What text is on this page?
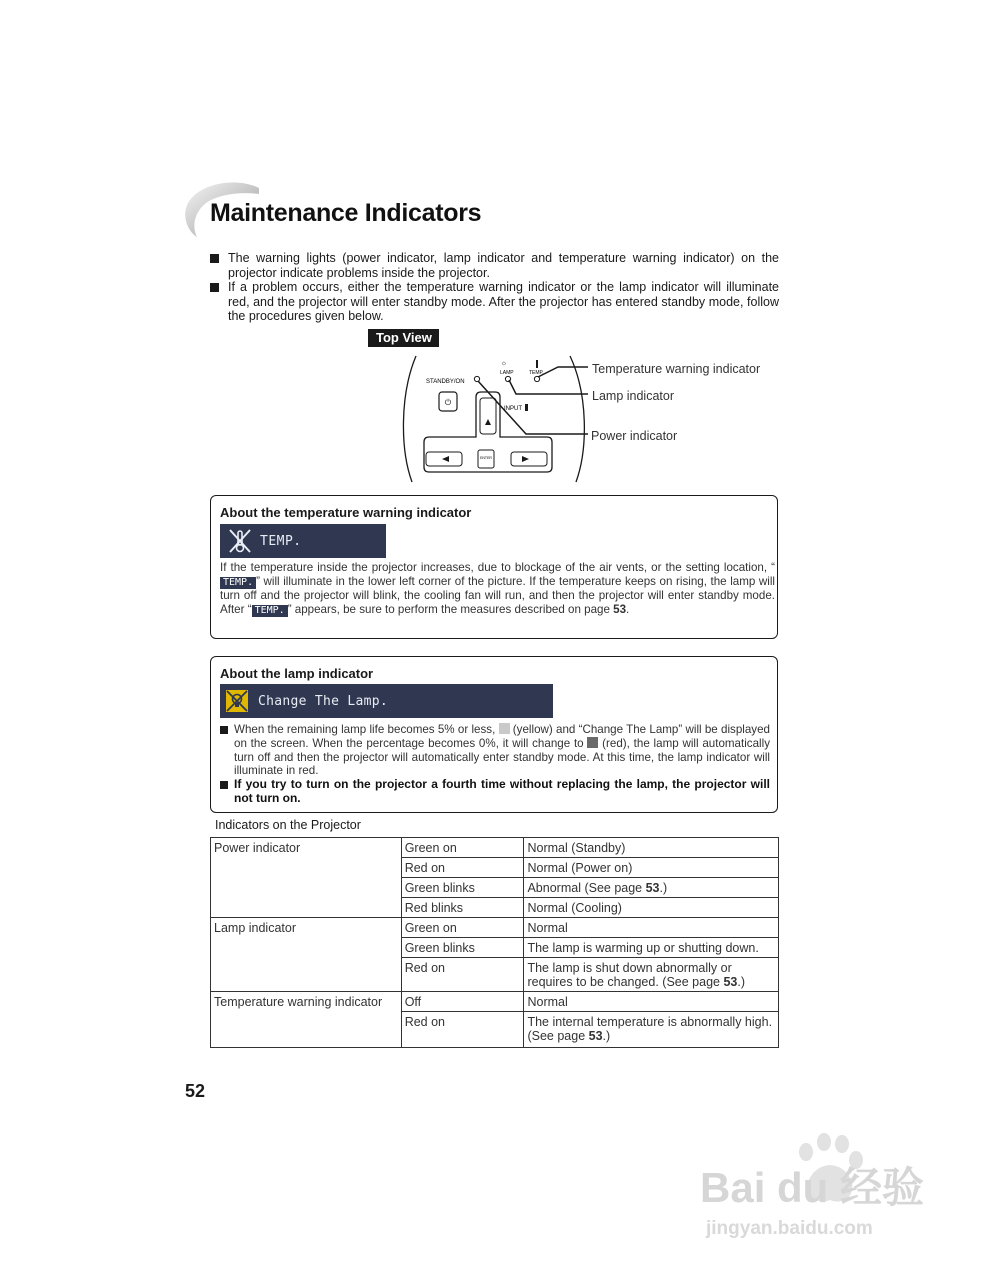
Maintenance Indicators
The warning lights (power indicator, lamp indicator and temperature warning indicator) on the projector indicate problems inside the projector.
If a problem occurs, either the temperature warning indicator or the lamp indicator will illuminate red, and the projector will enter standby mode. After the projector has entered standby mode, follow the procedures given below.
Top View
STANDBY/ON
LAMP
☼
TEMP.
⏻
INPUT
ENTER
Temperature warning indicator
Lamp indicator
Power indicator
About the temperature warning indicator
TEMP.
If the temperature inside the projector increases, due to blockage of the air vents, or the setting location, “TEMP. ” will illuminate in the lower left corner of the picture. If the temperature keeps on rising, the lamp will turn off and the projector will blink, the cooling fan will run, and then the projector will enter standby mode. After “ TEMP. ” appears, be sure to perform the measures described on page 53.
About the lamp indicator
Change The Lamp.
When the remaining lamp life becomes 5% or less,  (yellow) and “Change The Lamp” will be displayed on the screen. When the percentage becomes 0%, it will change to  (red), the lamp will automatically turn off and then the projector will automatically enter standby mode. At this time, the lamp indicator will illuminate in red.
If you try to turn on the projector a fourth time without replacing the lamp, the projector will not turn on.
Indicators on the Projector
Power indicator	Green on	Normal (Standby)
	Red on	Normal (Power on)
	Green blinks	Abnormal (See page 53.)
	Red blinks	Normal (Cooling)
Lamp indicator	Green on	Normal
	Green blinks	The lamp is warming up or shutting down.
	Red on	The lamp is shut down abnormally or requires to be changed. (See page 53.)
Temperature warning indicator	Off	Normal
	Red on	The internal temperature is abnormally high. (See page 53.)
52
Bai du 经验
jingyan.baidu.com
